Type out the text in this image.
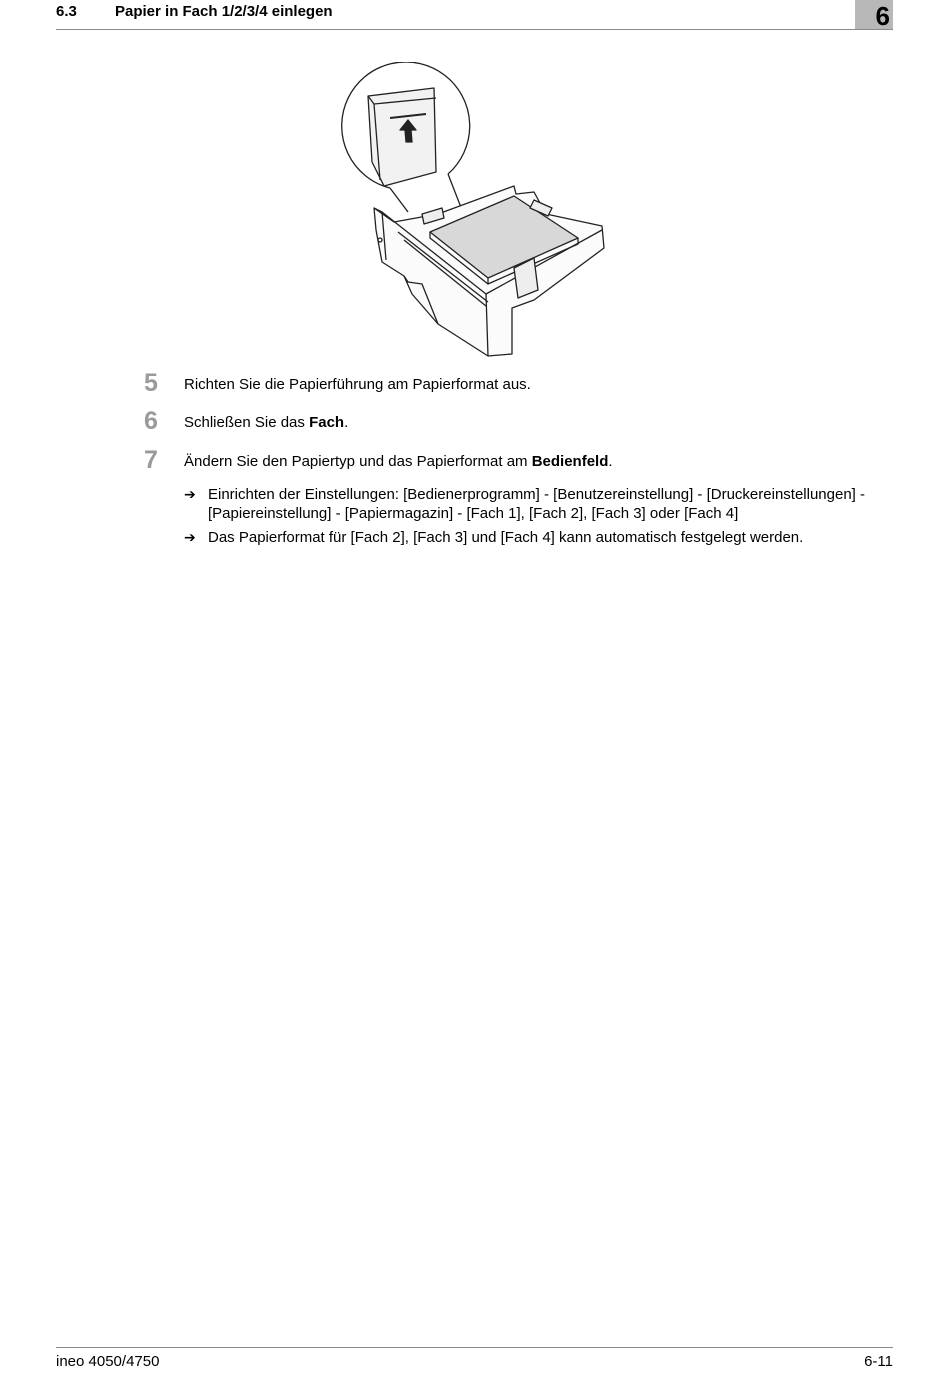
6.3	Papier in Fach 1/2/3/4 einlegen	6
5	Richten Sie die Papierführung am Papierformat aus.
6	Schließen Sie das Fach.
7	Ändern Sie den Papiertyp und das Papierformat am Bedienfeld.
➔ Einrichten der Einstellungen: [Bedienerprogramm] - [Benutzereinstellung] - [Druckereinstellungen] - [Papiereinstellung] - [Papiermagazin] - [Fach 1], [Fach 2], [Fach 3] oder [Fach 4]
➔ Das Papierformat für [Fach 2], [Fach 3] und [Fach 4] kann automatisch festgelegt werden.
ineo 4050/4750	6-11
